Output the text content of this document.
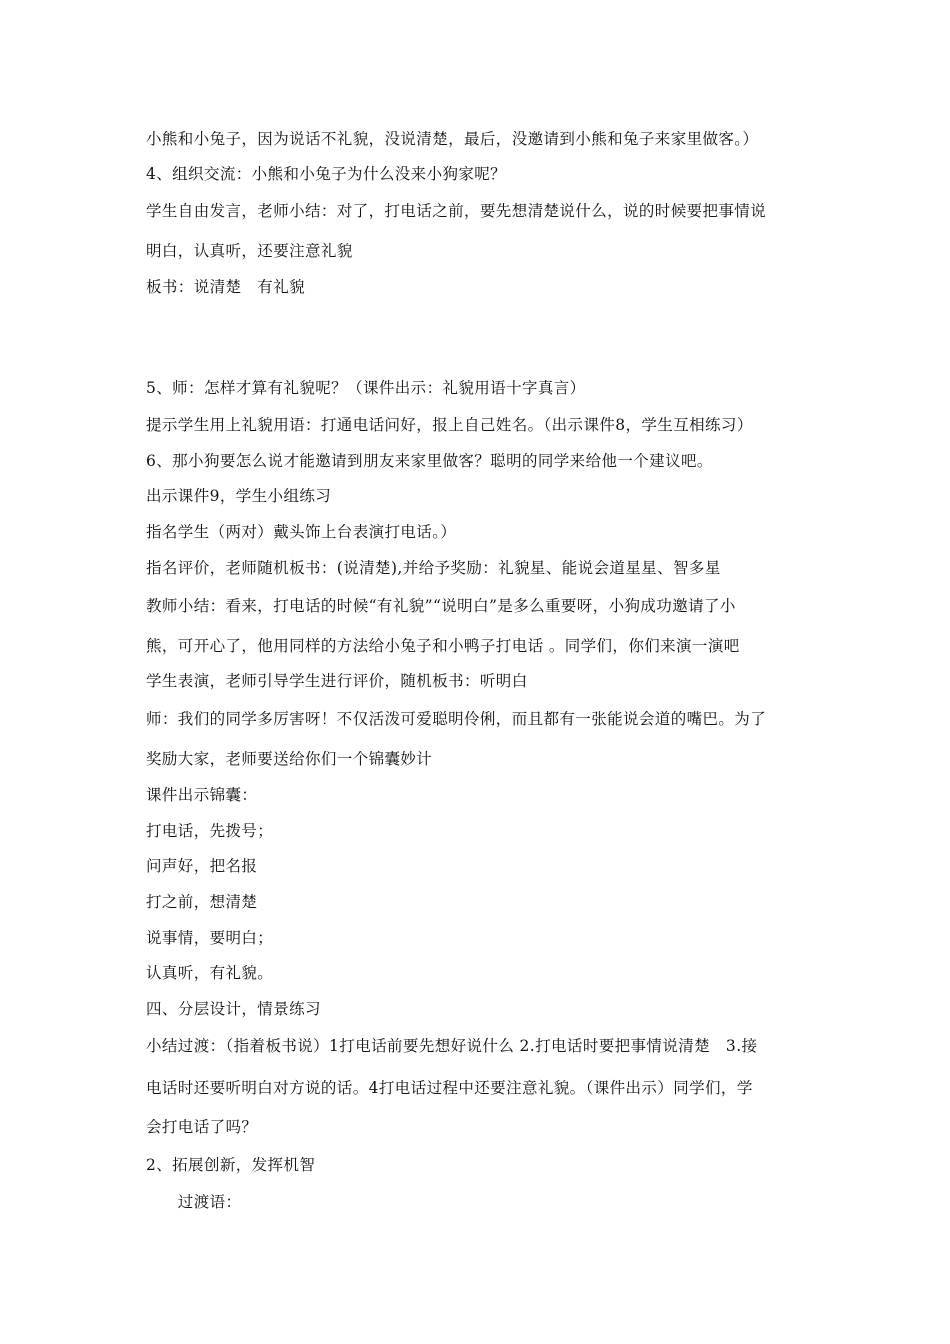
小熊和小兔子，因为说话不礼貌，没说清楚，最后，没邀请到小熊和兔子来家里做客。）
4、组织交流：小熊和小兔子为什么没来小狗家呢？
学生自由发言，老师小结：对了，打电话之前，要先想清楚说什么，说的时候要把事情说
明白，认真听，还要注意礼貌
板书：说清楚　有礼貌
5、师：怎样才算有礼貌呢？（课件出示：礼貌用语十字真言）
提示学生用上礼貌用语：打通电话问好，报上自己姓名。（出示课件8，学生互相练习）
6、那小狗要怎么说才能邀请到朋友来家里做客？聪明的同学来给他一个建议吧。
出示课件9，学生小组练习
指名学生（两对）戴头饰上台表演打电话。）
指名评价，老师随机板书：(说清楚),并给予奖励：礼貌星、能说会道星星、智多星
教师小结：看来，打电话的时候“有礼貌”“说明白”是多么重要呀，小狗成功邀请了小
熊，可开心了，他用同样的方法给小兔子和小鸭子打电话 。同学们，你们来演一演吧
学生表演，老师引导学生进行评价，随机板书：听明白
师：我们的同学多厉害呀！不仅活泼可爱聪明伶俐，而且都有一张能说会道的嘴巴。为了
奖励大家，老师要送给你们一个锦囊妙计
课件出示锦囊：
打电话，先拨号；
问声好，把名报
打之前，想清楚
说事情，要明白；
认真听，有礼貌。
四、分层设计，情景练习
小结过渡：（指着板书说）1打电话前要先想好说什么 2.打电话时要把事情说清楚　3.接
电话时还要听明白对方说的话。4打电话过程中还要注意礼貌。（课件出示）同学们，学
会打电话了吗？
2、拓展创新，发挥机智
　　过渡语：
